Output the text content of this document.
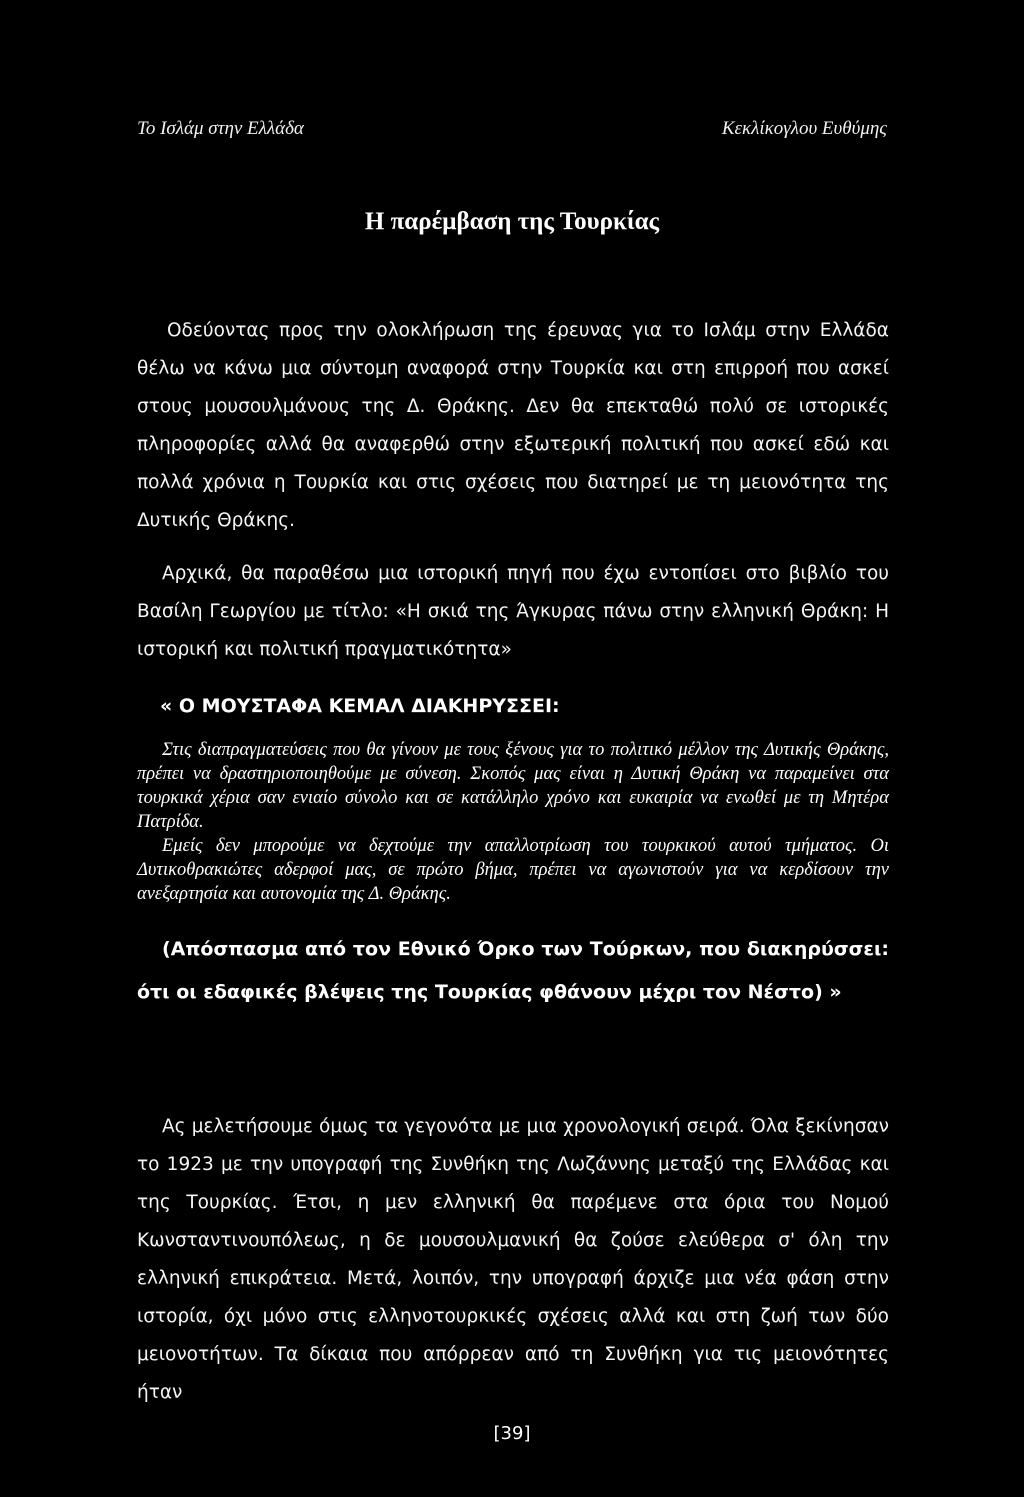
Το Ισλάμ στην Ελλάδα	Κεκλίκογλου Ευθύμης
Η παρέμβαση της Τουρκίας

Οδεύοντας προς την ολοκλήρωση της έρευνας για το Ισλάμ στην Ελλάδα θέλω να κάνω μια σύντομη αναφορά στην Τουρκία και στη επιρροή που ασκεί στους μουσουλμάνους της Δ. Θράκης. Δεν θα επεκταθώ πολύ σε ιστορικές πληροφορίες αλλά θα αναφερθώ στην εξωτερική πολιτική που ασκεί εδώ και πολλά χρόνια η Τουρκία και στις σχέσεις που διατηρεί με τη μειονότητα της Δυτικής Θράκης.

Αρχικά, θα παραθέσω μια ιστορική πηγή που έχω εντοπίσει στο βιβλίο του Βασίλη Γεωργίου με τίτλο: «Η σκιά της Άγκυρας πάνω στην ελληνική Θράκη: Η ιστορική και πολιτική πραγματικότητα»

« Ο ΜΟΥΣΤΑΦΑ ΚΕΜΑΛ ΔΙΑΚΗΡΥΣΣΕΙ:

Στις διαπραγματεύσεις που θα γίνουν με τους ξένους για το πολιτικό μέλλον της Δυτικής Θράκης, πρέπει να δραστηριοποιηθούμε με σύνεση. Σκοπός μας είναι η Δυτική Θράκη να παραμείνει στα τουρκικά χέρια σαν ενιαίο σύνολο και σε κατάλληλο χρόνο και ευκαιρία να ενωθεί με τη Μητέρα Πατρίδα.

Εμείς δεν μπορούμε να δεχτούμε την απαλλοτρίωση του τουρκικού αυτού τμήματος. Οι Δυτικοθρακιώτες αδερφοί μας, σε πρώτο βήμα, πρέπει να αγωνιστούν για να κερδίσουν την ανεξαρτησία και αυτονομία της Δ. Θράκης.

(Απόσπασμα από τον Εθνικό Όρκο των Τούρκων, που διακηρύσσει: ότι οι εδαφικές βλέψεις της Τουρκίας φθάνουν μέχρι τον Νέστο) »

Ας μελετήσουμε όμως τα γεγονότα με μια χρονολογική σειρά. Όλα ξεκίνησαν το 1923 με την υπογραφή της Συνθήκη της Λωζάννης μεταξύ της Ελλάδας και της Τουρκίας. Έτσι, η μεν ελληνική θα παρέμενε στα όρια του Νομού Κωνσταντινουπόλεως, η δε μουσουλμανική θα ζούσε ελεύθερα σ' όλη την ελληνική επικράτεια. Μετά, λοιπόν, την υπογραφή άρχιζε μια νέα φάση στην ιστορία, όχι μόνο στις ελληνοτουρκικές σχέσεις αλλά και στη ζωή των δύο μειονοτήτων. Τα δίκαια που απόρρεαν από τη Συνθήκη για τις μειονότητες ήταν

[39]
